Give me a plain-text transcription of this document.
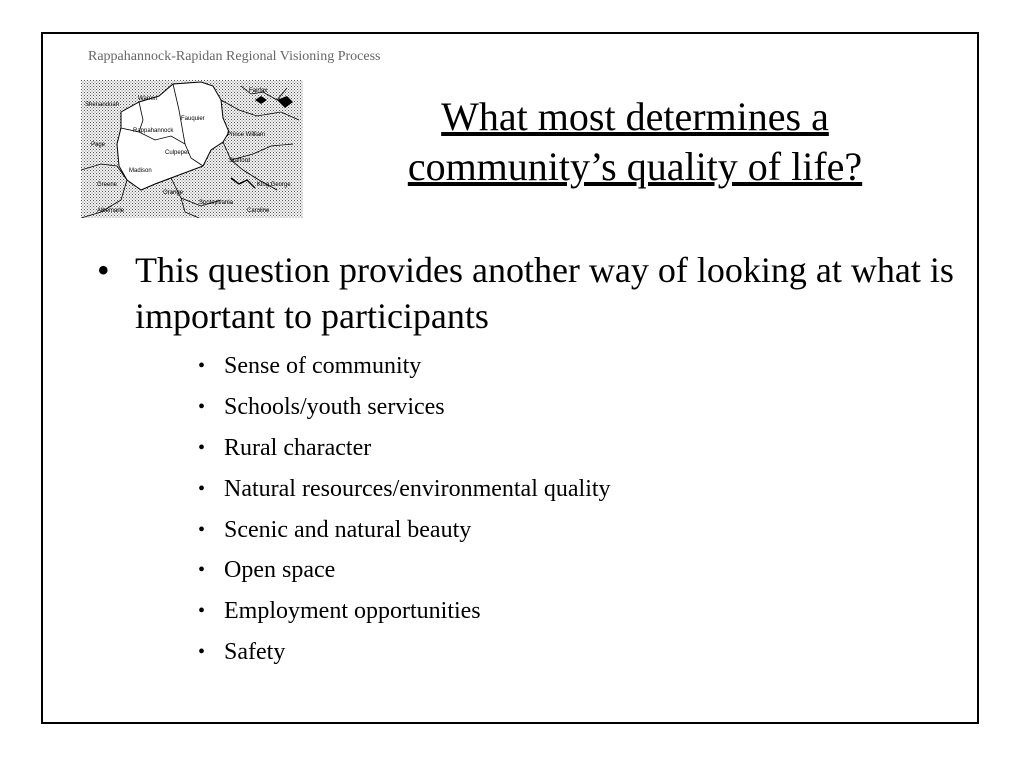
Rappahannock-Rapidan Regional Visioning Process
Shenandoah
Warren
Fauquier
Rappahannock
Page
Culpeper
Prince William
Fairfax
Madison
Stafford
Greene
Orange
King George
Spotsylvania
Albemarle	Caroline
What most determines a
community’s quality of life?
• This question provides another way of looking at what is important to participants
• Sense of community
• Schools/youth services
• Rural character
• Natural resources/environmental quality
• Scenic and natural beauty
• Open space
• Employment opportunities
• Safety
